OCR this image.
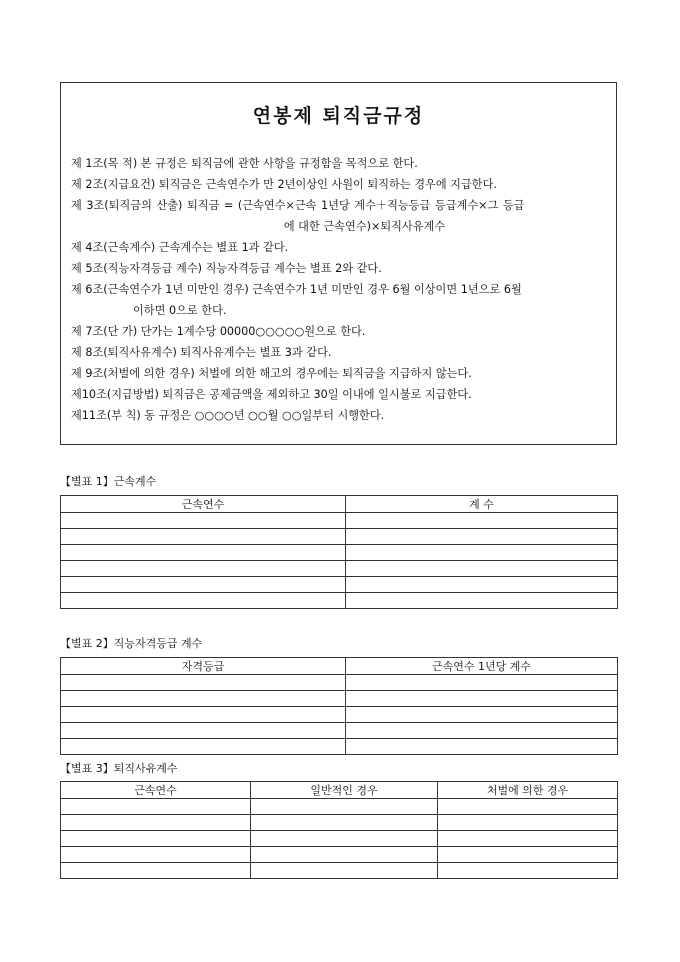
연봉제 퇴직금규정
제 1조(목 적) 본 규정은 퇴직금에 관한 사항을 규정함을 목적으로 한다.
제 2조(지급요건) 퇴직금은 근속연수가 만 2년이상인 사원이 퇴직하는 경우에 지급한다.
제 3조(퇴직금의 산출) 퇴직금 = (근속연수×근속 1년당 계수＋직능등급 등급계수×그 등급
에 대한 근속연수)×퇴직사유계수
제 4조(근속계수) 근속계수는 별표 1과 같다.
제 5조(직능자격등급 계수) 직능자격등급 계수는 별표 2와 같다.
제 6조(근속연수가 1년 미만인 경우) 근속연수가 1년 미만인 경우 6월 이상이면 1년으로 6월
이하면 0으로 한다.
제 7조(단 가) 단가는 1계수당 00000○○○○○원으로 한다.
제 8조(퇴직사유계수) 퇴직사유계수는 별표 3과 같다.
제 9조(처벌에 의한 경우) 처벌에 의한 해고의 경우에는 퇴직금을 지급하지 않는다.
제10조(지급방법) 퇴직금은 공제금액을 제외하고 30일 이내에 일시불로 지급한다.
제11조(부 칙) 동 규정은 ○○○○년 ○○월 ○○일부터 시행한다.
【별표 1】근속계수
근속연수	계 수

【별표 2】직능자격등급 계수
자격등급	근속연수 1년당 계수

【별표 3】퇴직사유계수
근속연수	일반적인 경우	처벌에 의한 경우
